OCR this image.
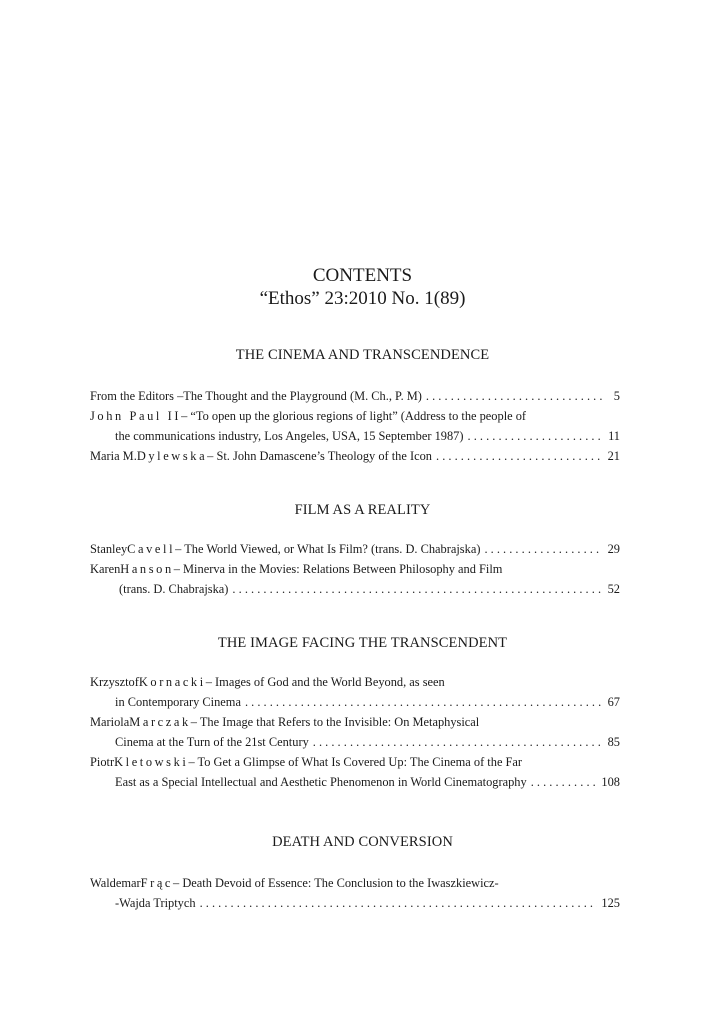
CONTENTS
“Ethos” 23:2010 No. 1(89)
THE CINEMA AND TRANSCENDENCE
From the Editors – The Thought and the Playground (M. Ch., P. M) . . .	5
John Paul II – “To open up the glorious regions of light” (Address to the people of
the communications industry, Los Angeles, USA, 15 September 1987) . . .	11
Maria M. Dylewska – St. John Damascene’s Theology of the Icon . . .	21
FILM AS A REALITY
Stanley Cavell – The World Viewed, or What Is Film? (trans. D. Chabrajska) . . .	29
Karen Hanson – Minerva in the Movies: Relations Between Philosophy and Film
(trans. D. Chabrajska) . . .	52
THE IMAGE FACING THE TRANSCENDENT
Krzysztof Kornacki – Images of God and the World Beyond, as seen
in Contemporary Cinema . . .	67
Mariola Marczak – The Image that Refers to the Invisible: On Metaphysical
Cinema at the Turn of the 21st Century . . .	85
Piotr Kletowski – To Get a Glimpse of What Is Covered Up: The Cinema of the Far
East as a Special Intellectual and Aesthetic Phenomenon in World Cinematography . . .	108
DEATH AND CONVERSION
Waldemar Frąc – Death Devoid of Essence: The Conclusion to the Iwaszkiewicz-
-Wajda Triptych . . .	125
